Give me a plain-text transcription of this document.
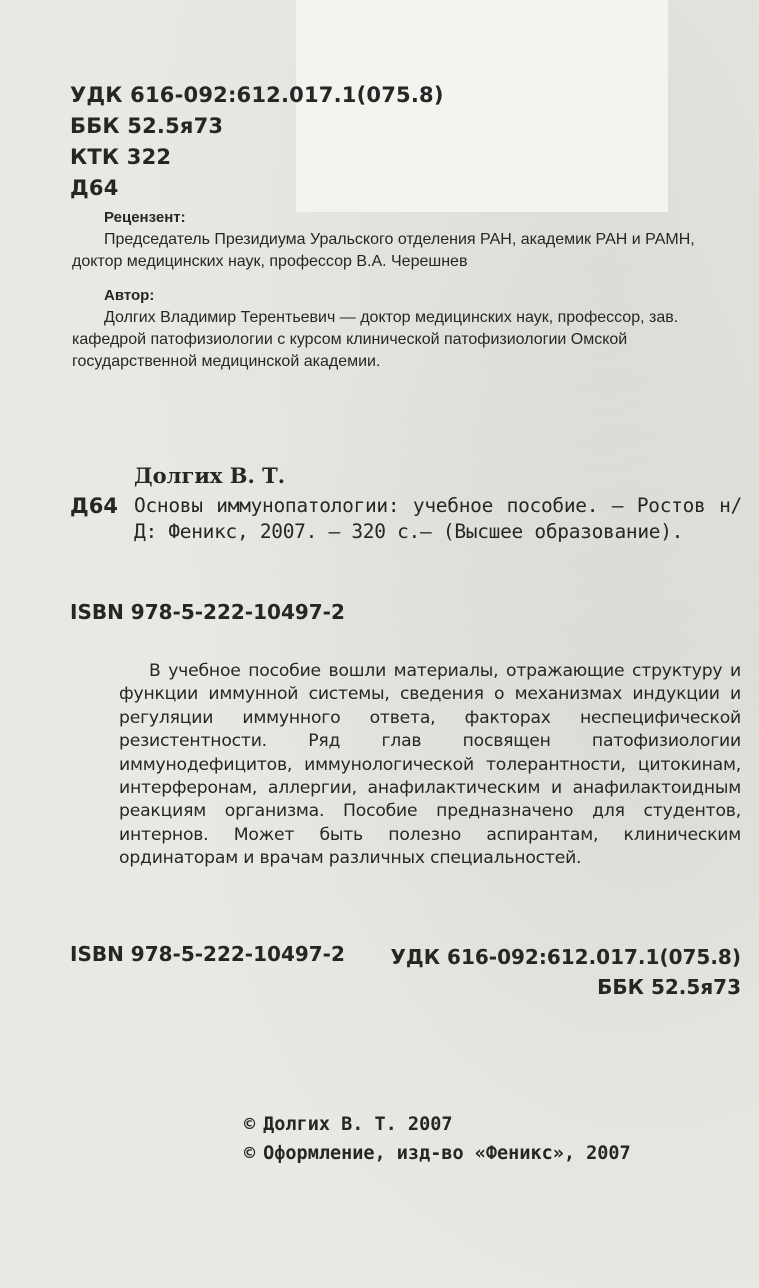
УДК 616-092:612.017.1(075.8)
ББК 52.5я73
КТК 322
Д64
Рецензент:
Председатель Президиума Уральского отделения РАН, академик РАН и РАМН, доктор медицинских наук, профессор В.А. Черешнев
Автор:
Долгих Владимир Терентьевич — доктор медицинских наук, профессор, зав. кафедрой патофизиологии с курсом клинической патофизиологии Омской государственной медицинской академии.
Долгих В. Т.
Д64 Основы иммунопатологии: учебное пособие. — Ростов н/Д: Феникс, 2007. — 320 с.— (Высшее образование).
ISBN 978-5-222-10497-2
В учебное пособие вошли материалы, отражающие структуру и функции иммунной системы, сведения о механизмах индукции и регуляции иммунного ответа, факторах неспецифической резистентности. Ряд глав посвящен патофизиологии иммунодефицитов, иммунологической толерантности, цитокинам, интерферонам, аллергии, анафилактическим и анафилактоидным реакциям организма. Пособие предназначено для студентов, интернов. Может быть полезно аспирантам, клиническим ординаторам и врачам различных специальностей.
ISBN 978-5-222-10497-2 УДК 616-092:612.017.1(075.8)
ББК 52.5я73
© Долгих В. Т. 2007
© Оформление, изд-во «Феникс», 2007
